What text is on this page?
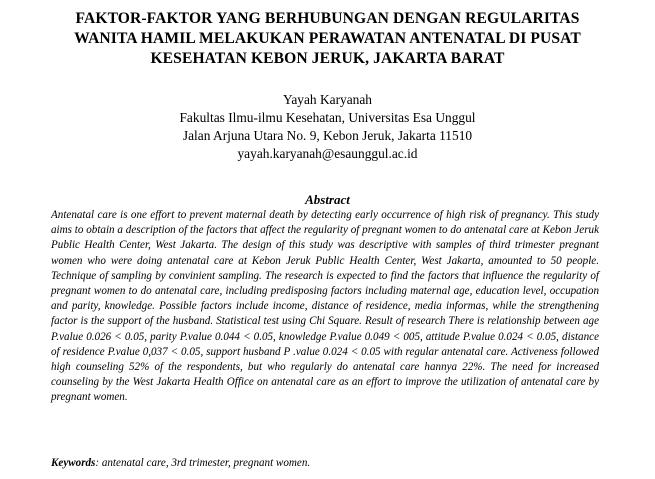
FAKTOR-FAKTOR YANG BERHUBUNGAN DENGAN REGULARITAS
WANITA HAMIL MELAKUKAN PERAWATAN ANTENATAL DI PUSAT
KESEHATAN KEBON JERUK, JAKARTA BARAT
Yayah Karyanah
Fakultas Ilmu-ilmu Kesehatan, Universitas Esa Unggul
Jalan Arjuna Utara No. 9, Kebon Jeruk, Jakarta 11510
yayah.karyanah@esaunggul.ac.id
Abstract
Antenatal care is one effort to prevent maternal death by detecting early occurrence of high risk of pregnancy. This study aims to obtain a description of the factors that affect the regularity of pregnant women to do antenatal care at Kebon Jeruk Public Health Center, West Jakarta. The design of this study was descriptive with samples of third trimester pregnant women who were doing antenatal care at Kebon Jeruk Public Health Center, West Jakarta, amounted to 50 people. Technique of sampling by convinient sampling. The research is expected to find the factors that influence the regularity of pregnant women to do antenatal care, including predisposing factors including maternal age, education level, occupation and parity, knowledge. Possible factors include income, distance of residence, media informas, while the strengthening factor is the support of the husband. Statistical test using Chi Square. Result of research There is relationship between age P.value 0.026 < 0.05, parity P.value 0.044 < 0.05, knowledge P.value 0.049 < 005, attitude P.value 0.024 < 0.05, distance of residence P.value 0,037 < 0.05, support husband P .value 0.024 < 0.05 with regular antenatal care. Activeness followed high counseling 52% of the respondents, but who regularly do antenatal care hannya 22%. The need for increased counseling by the West Jakarta Health Office on antenatal care as an effort to improve the utilization of antenatal care by pregnant women.
Keywords: antenatal care, 3rd trimester, pregnant women.
